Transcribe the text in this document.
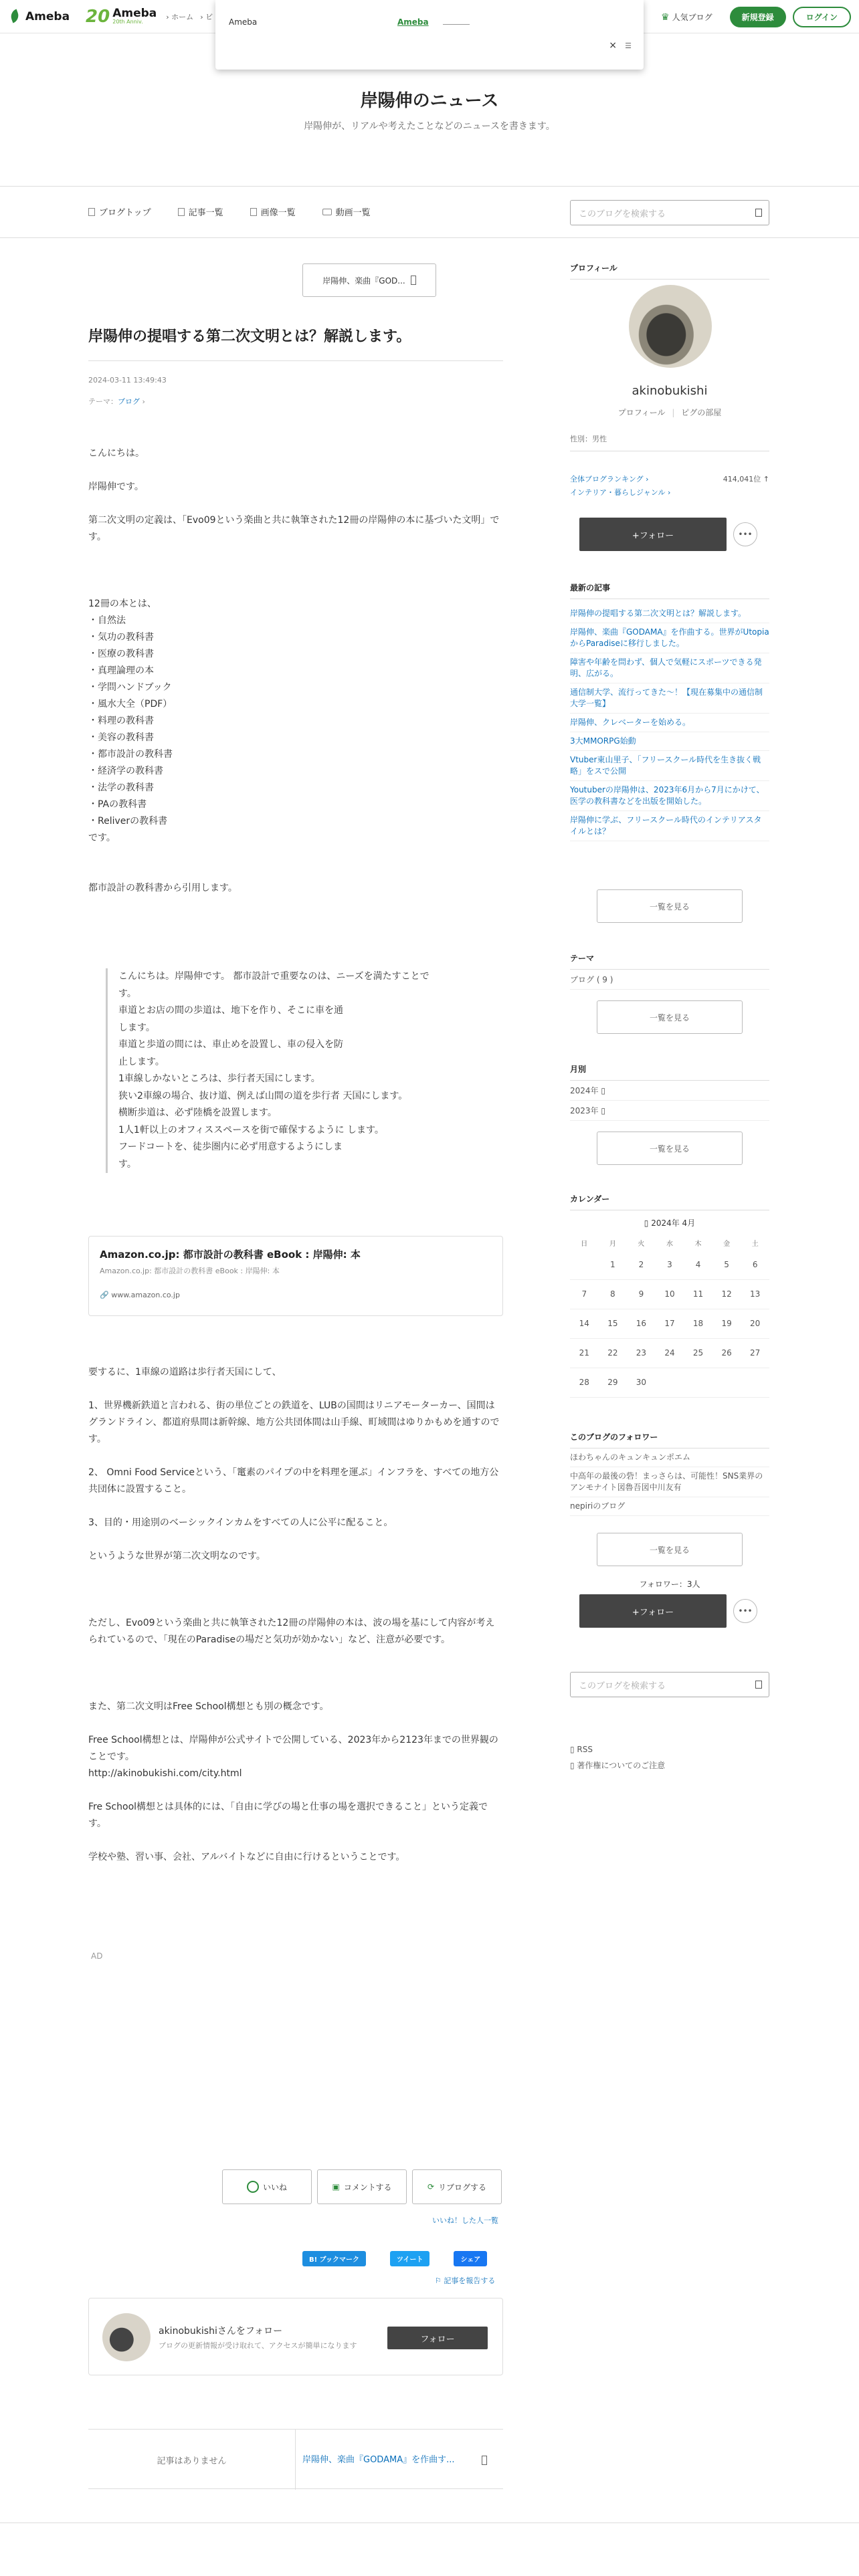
Ameba 20 Ameba
20th Anniv.
› ホーム › ビ	♛ 人気ブログ	新規登録	ログイン
Ameba	Ameba
× ☰
岸陽伸のニュース
岸陽伸が、リアルや考えたことなどのニュースを書きます。
ブログトップ	記事一覧	画像一覧	動画一覧	このブログを検索する
岸陽伸、楽曲『GOD...
岸陽伸の提唱する第二次文明とは？解説します。
2024-03-11 13:49:43
テーマ：ブログ ›

こんにちは。

岸陽伸です。

第二次文明の定義は、「Evo09という楽曲と共に執筆された12冊の岸陽伸の本に基づいた文明」です。

12冊の本とは、
・自然法
・気功の教科書
・医療の教科書
・真理論理の本
・学問ハンドブック
・風水大全（PDF）
・料理の教科書
・美容の教科書
・都市設計の教科書
・経済学の教科書
・法学の教科書
・PAの教科書
・Reliverの教科書
です。

都市設計の教科書から引用します。

こんにちは。岸陽伸です。 都市設計で重要なのは、ニーズを満たすことで
す。
車道とお店の間の歩道は、地下を作り、そこに車を通
します。
車道と歩道の間には、車止めを設置し、車の侵入を防
止します。
1車線しかないところは、歩行者天国にします。
狭い2車線の場合、抜け道、例えば山間の道を歩行者 天国にします。
横断歩道は、必ず陸橋を設置します。
1人1軒以上のオフィススペースを街で確保するように します。
フードコートを、徒歩圏内に必ず用意するようにしま
す。
Amazon.co.jp: 都市設計の教科書 eBook : 岸陽伸: 本
Amazon.co.jp: 都市設計の教科書 eBook : 岸陽伸: 本
🔗 www.amazon.co.jp

要するに、1車線の道路は歩行者天国にして、

1、世界機新鉄道と言われる、街の単位ごとの鉄道を、LUBの国間はリニアモーターカー、国間はグランドライン、都道府県間は新幹線、地方公共団体間は山手線、町域間はゆりかもめを通すのです。

2、 Omni Food Serviceという、「竃素のパイプの中を料理を運ぶ」インフラを、すべての地方公共団体に設置すること。

3、目的・用途別のベーシックインカムをすべての人に公平に配ること。

というような世界が第二次文明なのです。

ただし、Evo09という楽曲と共に執筆された12冊の岸陽伸の本は、波の場を基にして内容が考えられているので、「現在のParadiseの場だと気功が効かない」など、注意が必要です。

また、第二次文明はFree School構想とも別の概念です。

Free School構想とは、岸陽伸が公式サイトで公開している、2023年から2123年までの世界観のことです。
http://akinobukishi.com/city.html

Fre School構想とは具体的には、「自由に学びの場と仕事の場を選択できること」という定義です。

学校や塾、習い事、会社、アルバイトなどに自由に行けるということです。

AD
いいね	▣ コメントする	⟳ リブログする
いいね！した人一覧
B! ブックマーク	ツイート	シェア
⚐ 記事を報告する
akinobukishiさんをフォロー
ブログの更新情報が受け取れて、アクセスが簡単になります
フォロー
記事はありません	岸陽伸、楽曲『GODAMA』を作曲す...
プロフィール
akinobukishi
プロフィール | ピグの部屋
性別：男性
全体ブログランキング ›	414,041位 ↑
インテリア・暮らしジャンル ›
+フォロー	•••
最新の記事
岸陽伸の提唱する第二次文明とは？解説します。
岸陽伸、楽曲『GODAMA』を作曲する。世界がUtopiaからParadiseに移行しました。
障害や年齢を問わず、個人で気軽にスポーツできる発明、広がる。
通信制大学、流行ってきた〜！【現在募集中の通信制大学一覧】
岸陽伸、クレベーターを始める。
3大MMORPG始動
Vtuber東山里子、「フリースクール時代を生き抜く戦略」をスで公開
Youtuberの岸陽伸は、2023年6月から7月にかけて、医学の教科書などを出版を開始した。
岸陽伸に学ぶ、フリースクール時代のインテリアスタイルとは？
一覧を見る
テーマ
ブログ ( 9 )
一覧を見る
月別
2024年 ▯
2023年 ▯
一覧を見る
カレンダー
▯ 2024年 4月
日	月	火	水	木	金	土
	1	2	3	4	5	6
7	8	9	10	11	12	13
14	15	16	17	18	19	20
21	22	23	24	25	26	27
28	29	30				
このブログのフォロワー
ほわちゃんのキュンキュンポエム
中高年の最後の砦！まっさらは、可能性！SNS業界のアンモナイト図魯吾図中川友有
nepiriのブログ
一覧を見る
フォロワー：3人
+フォロー	•••
このブログを検索する
▯ RSS
▯ 著作権についてのご注意
